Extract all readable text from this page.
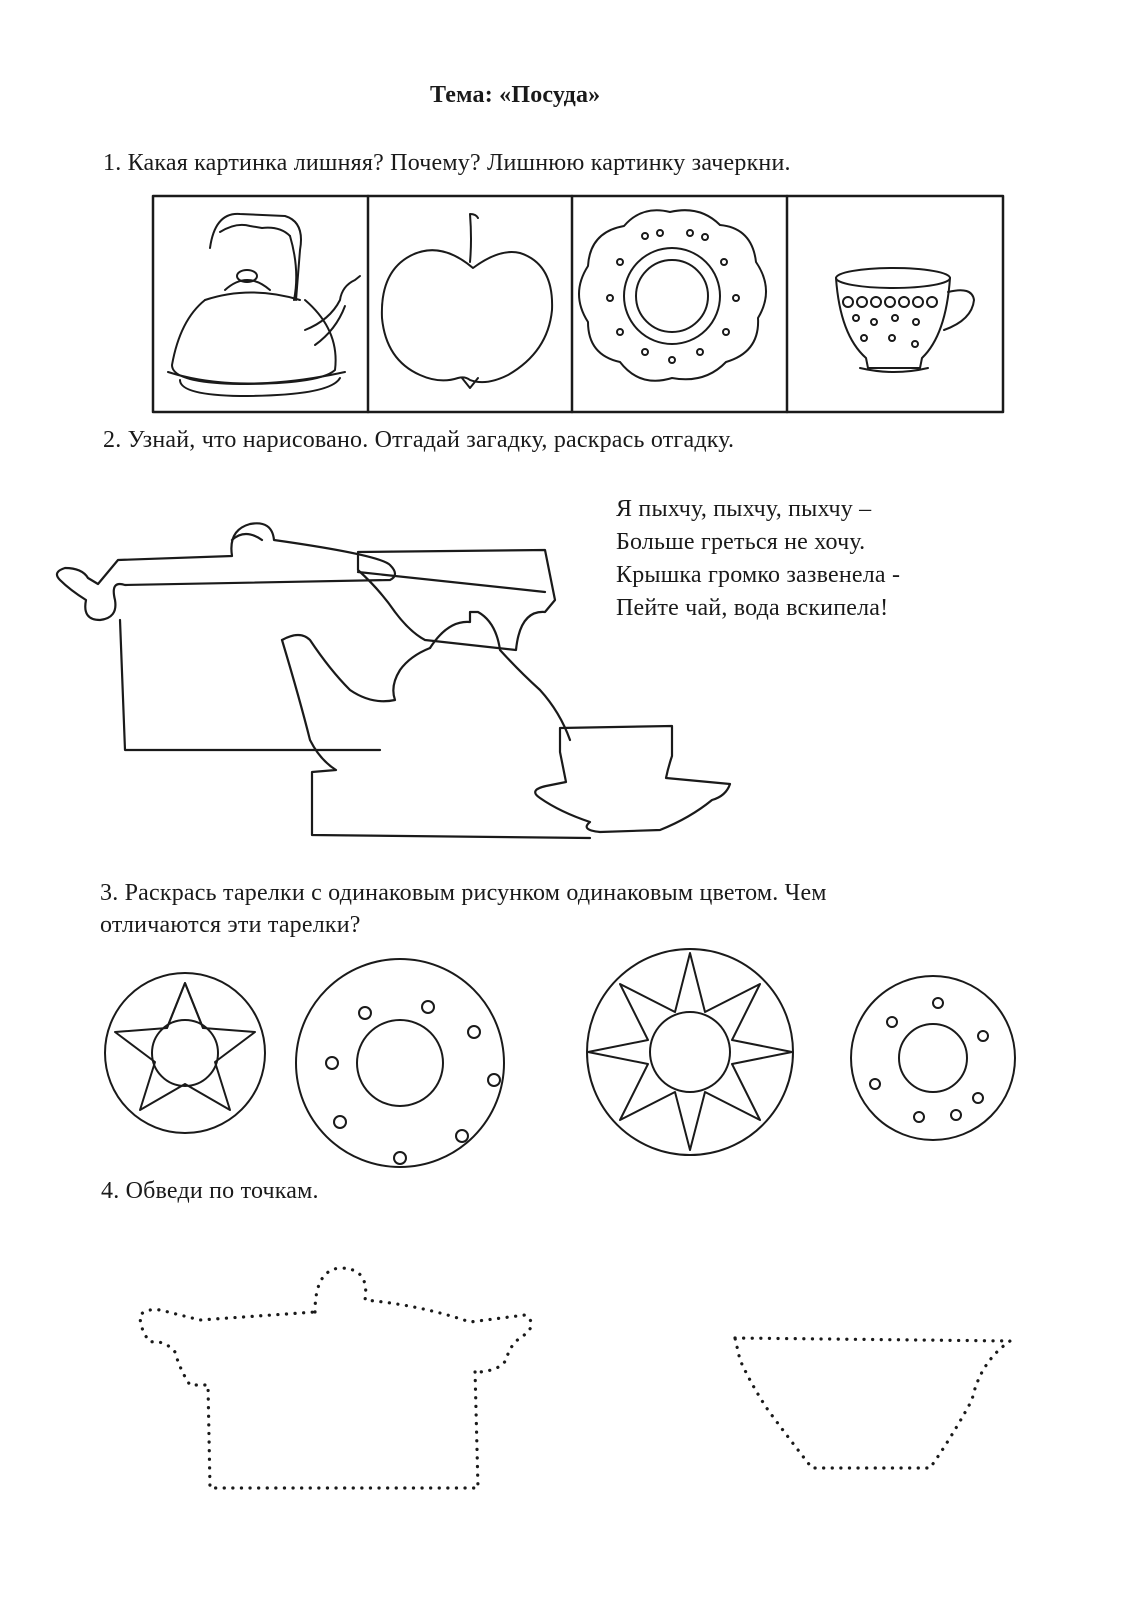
Тема: «Посуда»
1. Какая картинка лишняя? Почему? Лишнюю картинку зачеркни.
2. Узнай, что нарисовано. Отгадай загадку, раскрась отгадку.
Я пыхчу, пыхчу, пыхчу –
Больше греться не хочу.
Крышка громко зазвенела -
Пейте чай, вода вскипела!
3. Раскрась тарелки с одинаковым рисунком одинаковым цветом. Чем
отличаются эти тарелки?
4. Обведи по точкам.
